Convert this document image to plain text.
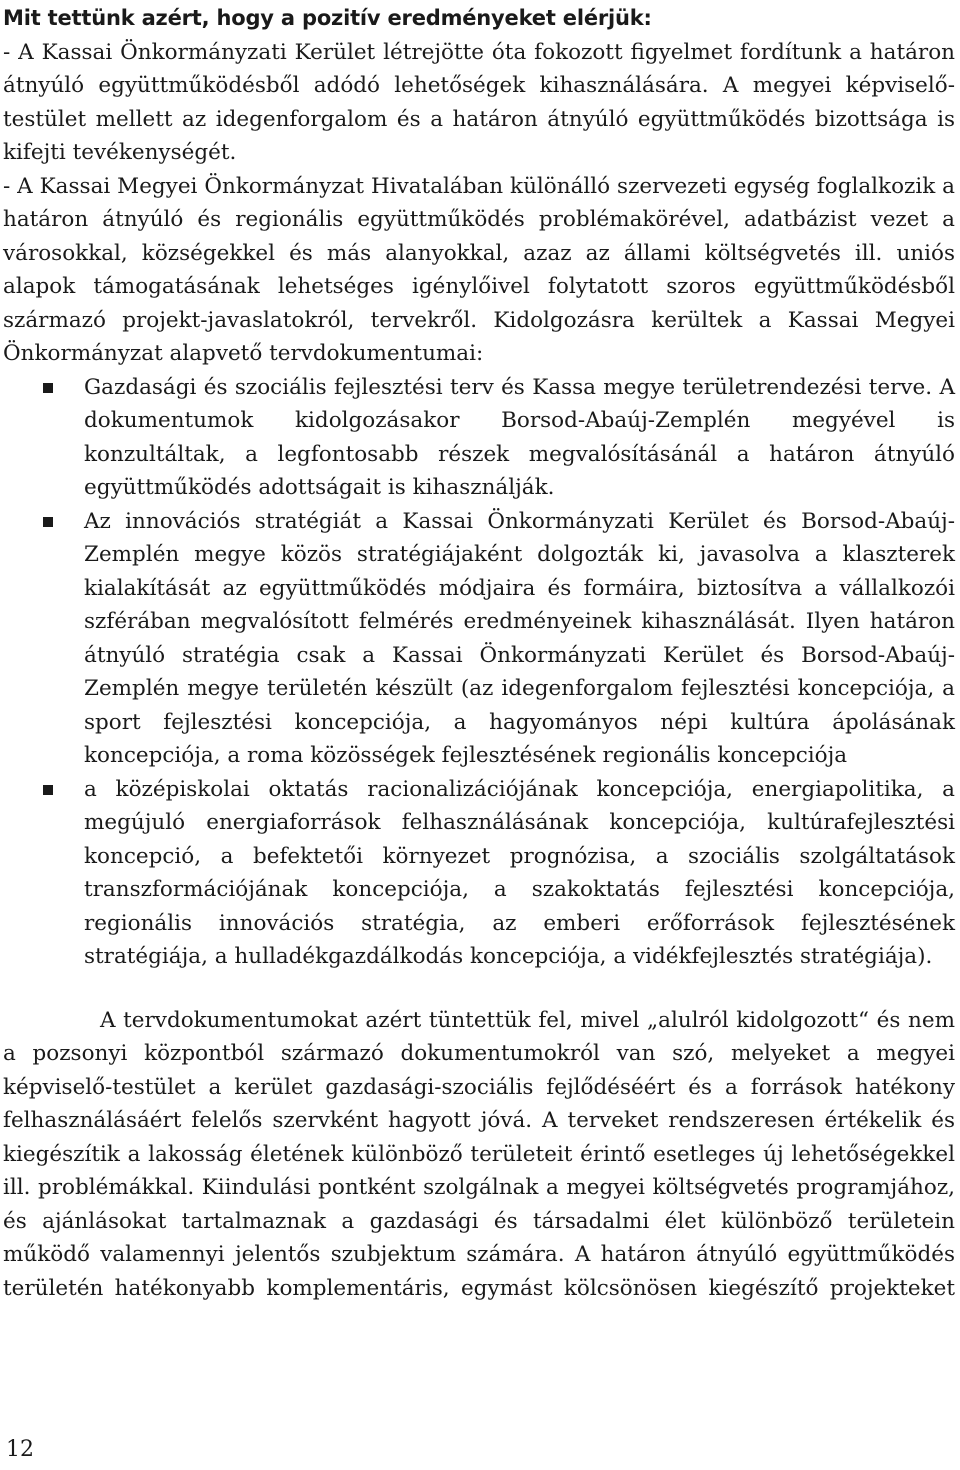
Mit tettünk azért, hogy a pozitív eredményeket elérjük:

- A Kassai Önkormányzati Kerület létrejötte óta fokozott figyelmet fordítunk a határon átnyúló együttműködésből adódó lehetőségek kihasználására. A megyei képviselő-testület mellett az idegenforgalom és a határon átnyúló együttműködés bizottsága is kifejti tevékenységét.

- A Kassai Megyei Önkormányzat Hivatalában különálló szervezeti egység foglalkozik a határon átnyúló és regionális együttműködés problémakörével, adatbázist vezet a városokkal, községekkel és más alanyokkal, azaz az állami költségvetés ill. uniós alapok támogatásának lehetséges igénylőivel folytatott szoros együttműködésből származó projekt-javaslatokról, tervekről. Kidolgozásra kerültek a Kassai Megyei Önkormányzat alapvető tervdokumentumai:

Gazdasági és szociális fejlesztési terv és Kassa megye területrendezési terve. A dokumentumok kidolgozásakor Borsod-Abaúj-Zemplén megyével is konzultáltak, a legfontosabb részek megvalósításánál a határon átnyúló együttműködés adottságait is kihasználják.
Az innovációs stratégiát a Kassai Önkormányzati Kerület és Borsod-Abaúj-Zemplén megye közös stratégiájaként dolgozták ki, javasolva a klaszterek kialakítását az együttműködés módjaira és formáira, biztosítva a vállalkozói szférában megvalósított felmérés eredményeinek kihasználását. Ilyen határon átnyúló stratégia csak a Kassai Önkormányzati Kerület és Borsod-Abaúj-Zemplén megye területén készült (az idegenforgalom fejlesztési koncepciója, a sport fejlesztési koncepciója, a hagyományos népi kultúra ápolásának koncepciója, a roma közösségek fejlesztésének regionális koncepciója
a középiskolai oktatás racionalizációjának koncepciója, energiapolitika, a megújuló energiaforrások felhasználásának koncepciója, kultúrafejlesztési koncepció, a befektetői környezet prognózisa, a szociális szolgáltatások transzformációjának koncepciója, a szakoktatás fejlesztési koncepciója, regionális innovációs stratégia, az emberi erőforrások fejlesztésének stratégiája, a hulladékgazdálkodás koncepciója, a vidékfejlesztés stratégiája).

A tervdokumentumokat azért tüntettük fel, mivel „alulról kidolgozott“ és nem a pozsonyi központból származó dokumentumokról van szó, melyeket a megyei képviselő-testület a kerület gazdasági-szociális fejlődéséért és a források hatékony felhasználásáért felelős szervként hagyott jóvá. A terveket rendszeresen értékelik és kiegészítik a lakosság életének különböző területeit érintő esetleges új lehetőségekkel ill. problémákkal. Kiindulási pontként szolgálnak a megyei költségvetés programjához, és ajánlásokat tartalmaznak a gazdasági és társadalmi élet különböző területein működő valamennyi jelentős szubjektum számára. A határon átnyúló együttműködés területén hatékonyabb komplementáris, egymást kölcsönösen kiegészítő projekteket

12
